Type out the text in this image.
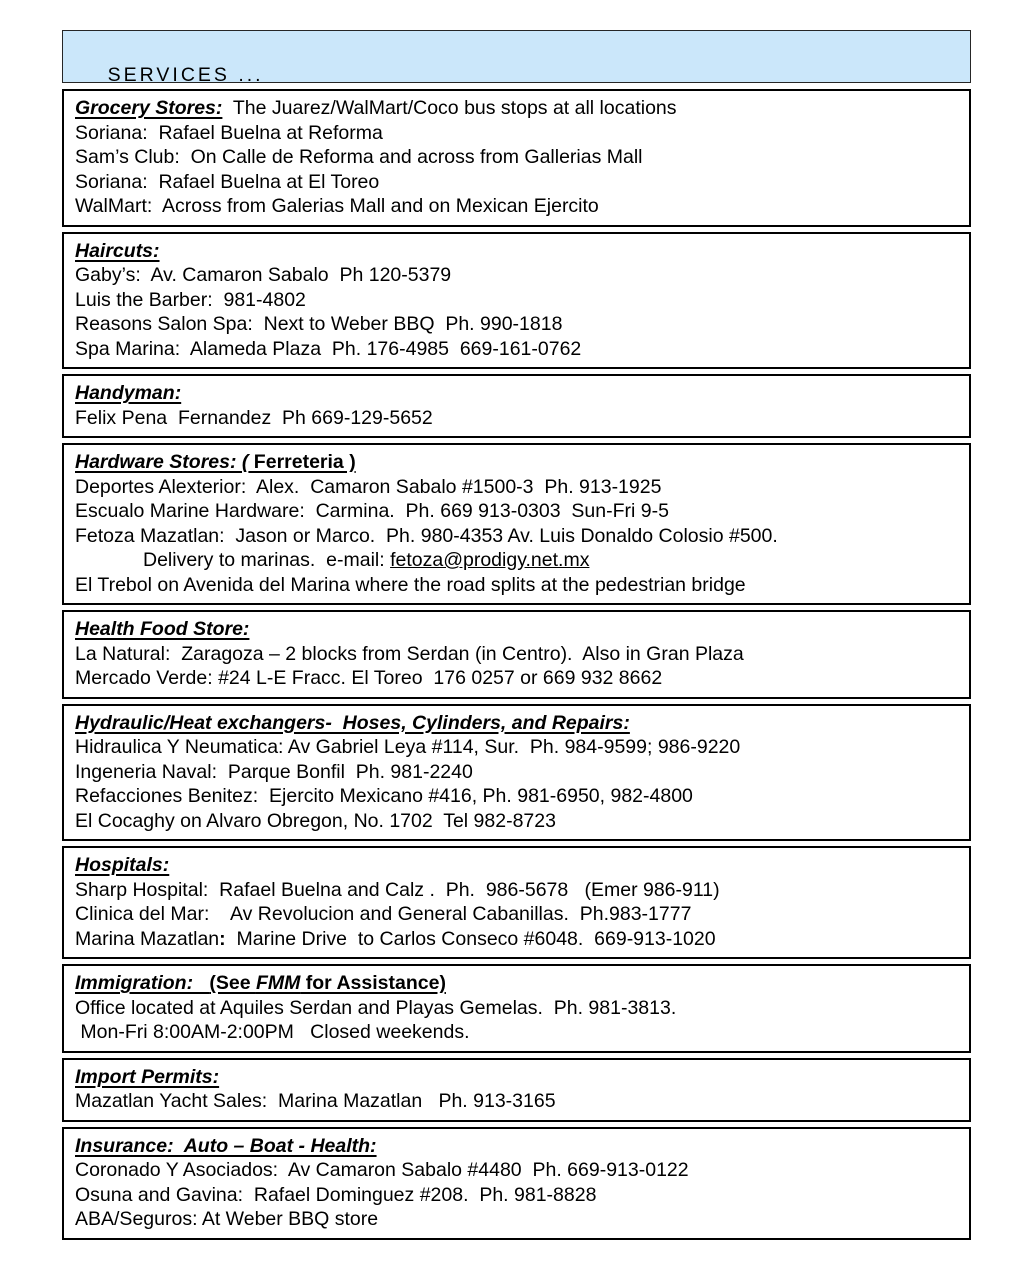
SERVICES ...

Grocery Stores:  The Juarez/WalMart/Coco bus stops at all locations

Soriana:  Rafael Buelna at Reforma

Sam’s Club:  On Calle de Reforma and across from Gallerias Mall

Soriana:  Rafael Buelna at El Toreo

WalMart:  Across from Galerias Mall and on Mexican Ejercito

Haircuts:

Gaby’s:  Av. Camaron Sabalo  Ph 120-5379

Luis the Barber:  981-4802

Reasons Salon Spa:  Next to Weber BBQ  Ph. 990-1818

Spa Marina:  Alameda Plaza  Ph. 176-4985  669-161-0762

Handyman:

Felix Pena  Fernandez  Ph 669-129-5652

Hardware Stores: ( Ferreteria )

Deportes Alexterior:  Alex.  Camaron Sabalo #1500-3  Ph. 913-1925

Escualo Marine Hardware:  Carmina.  Ph. 669 913-0303  Sun-Fri 9-5

Fetoza Mazatlan:  Jason or Marco.  Ph. 980-4353 Av. Luis Donaldo Colosio #500.

Delivery to marinas.  e-mail: fetoza@prodigy.net.mx

El Trebol on Avenida del Marina where the road splits at the pedestrian bridge

Health Food Store:

La Natural:  Zaragoza – 2 blocks from Serdan (in Centro).  Also in Gran Plaza

Mercado Verde: #24 L-E Fracc. El Toreo  176 0257 or 669 932 8662

Hydraulic/Heat exchangers-  Hoses, Cylinders, and Repairs:

Hidraulica Y Neumatica: Av Gabriel Leya #114, Sur.  Ph. 984-9599; 986-9220

Ingeneria Naval:  Parque Bonfil  Ph. 981-2240

Refacciones Benitez:  Ejercito Mexicano #416, Ph. 981-6950, 982-4800

El Cocaghy on Alvaro Obregon, No. 1702  Tel 982-8723

Hospitals:

Sharp Hospital:  Rafael Buelna and Calz .  Ph.  986-5678   (Emer 986-911)

Clinica del Mar:    Av Revolucion and General Cabanillas.  Ph.983-1777

Marina Mazatlan:  Marine Drive  to Carlos Conseco #6048.  669-913-1020

Immigration:   (See FMM for Assistance)

Office located at Aquiles Serdan and Playas Gemelas.  Ph. 981-3813.

Mon-Fri 8:00AM-2:00PM   Closed weekends.

Import Permits:

Mazatlan Yacht Sales:  Marina Mazatlan   Ph. 913-3165

Insurance:  Auto – Boat - Health:

Coronado Y Asociados:  Av Camaron Sabalo #4480  Ph. 669-913-0122

Osuna and Gavina:  Rafael Dominguez #208.  Ph. 981-8828

ABA/Seguros: At Weber BBQ store
